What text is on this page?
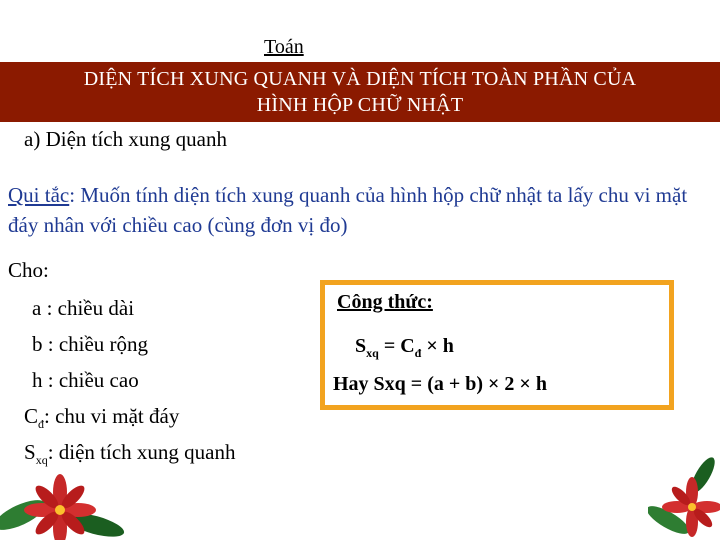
Toán
DIỆN TÍCH XUNG QUANH VÀ DIỆN TÍCH TOÀN PHẦN CỦA
HÌNH HỘP CHỮ NHẬT
a) Diện tích xung quanh
Qui tắc: Muốn tính diện tích xung quanh của hình hộp chữ nhật ta lấy chu vi mặt đáy nhân với chiều cao (cùng đơn vị đo)
Cho:
a : chiều dài
b : chiều rộng
h : chiều cao
$C_đ$: chu vi mặt đáy
$S_{xq}$: diện tích xung quanh
Công thức:
$S_{xq} = C_đ \times h$
Hay Sxq = (a + b) × 2 × h
